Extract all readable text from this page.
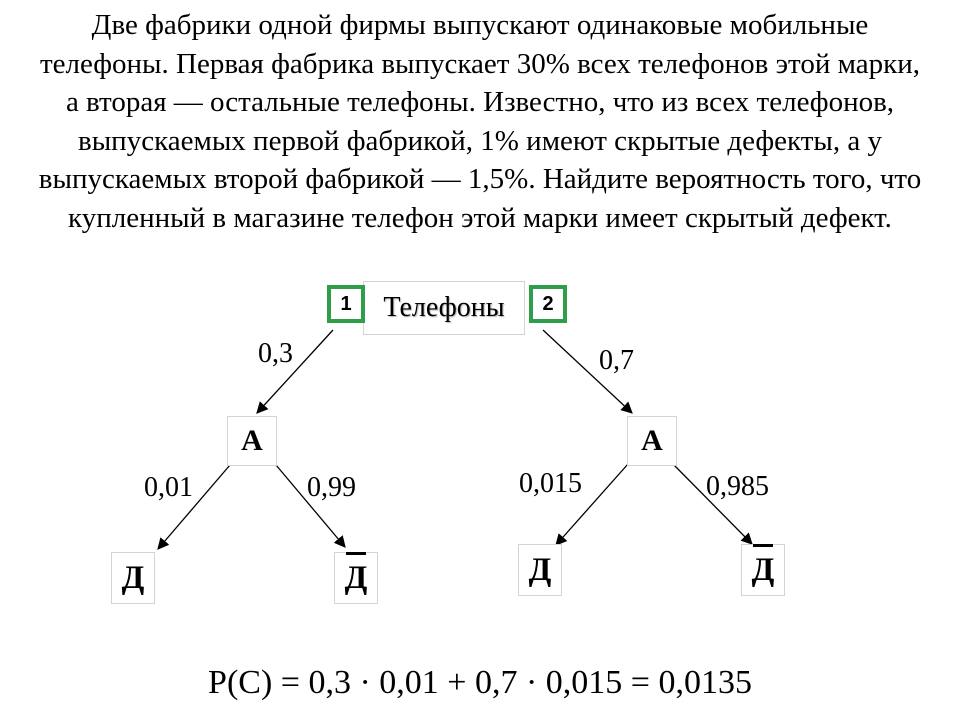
Две фабрики одной фирмы выпускают одинаковые мобильные телефоны. Первая фабрика выпускает 30% всех телефонов этой марки, а вторая — остальные телефоны. Известно, что из всех телефонов, выпускаемых первой фабрикой, 1% имеют скрытые дефекты, а у выпускаемых второй фабрикой — 1,5%. Найдите вероятность того, что купленный в магазине телефон этой марки имеет скрытый дефект.

Телефоны
1	2
0,3	0,7
A	A
0,01	0,99	0,015	0,985
Д	Д	Д	Д
P(C) = 0,3 · 0,01 + 0,7 · 0,015 = 0,0135
